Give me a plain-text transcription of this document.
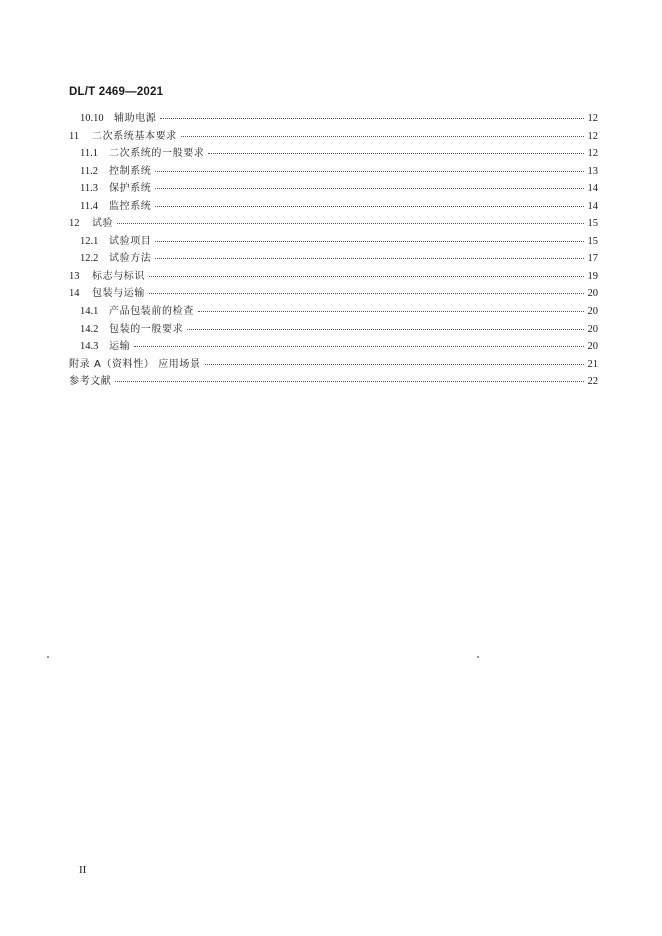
DL/T 2469—2021
10.10 辅助电源	12
11	二次系统基本要求	12
11.1 二次系统的一般要求	12
11.2 控制系统	13
11.3 保护系统	14
11.4 监控系统	14
12	试验	15
12.1 试验项目	15
12.2 试验方法	17
13	标志与标识	19
14	包装与运输	20
14.1 产品包装前的检查	20
14.2 包装的一般要求	20
14.3 运输	20
附录 A（资料性） 应用场景	21
参考文献	22
II
